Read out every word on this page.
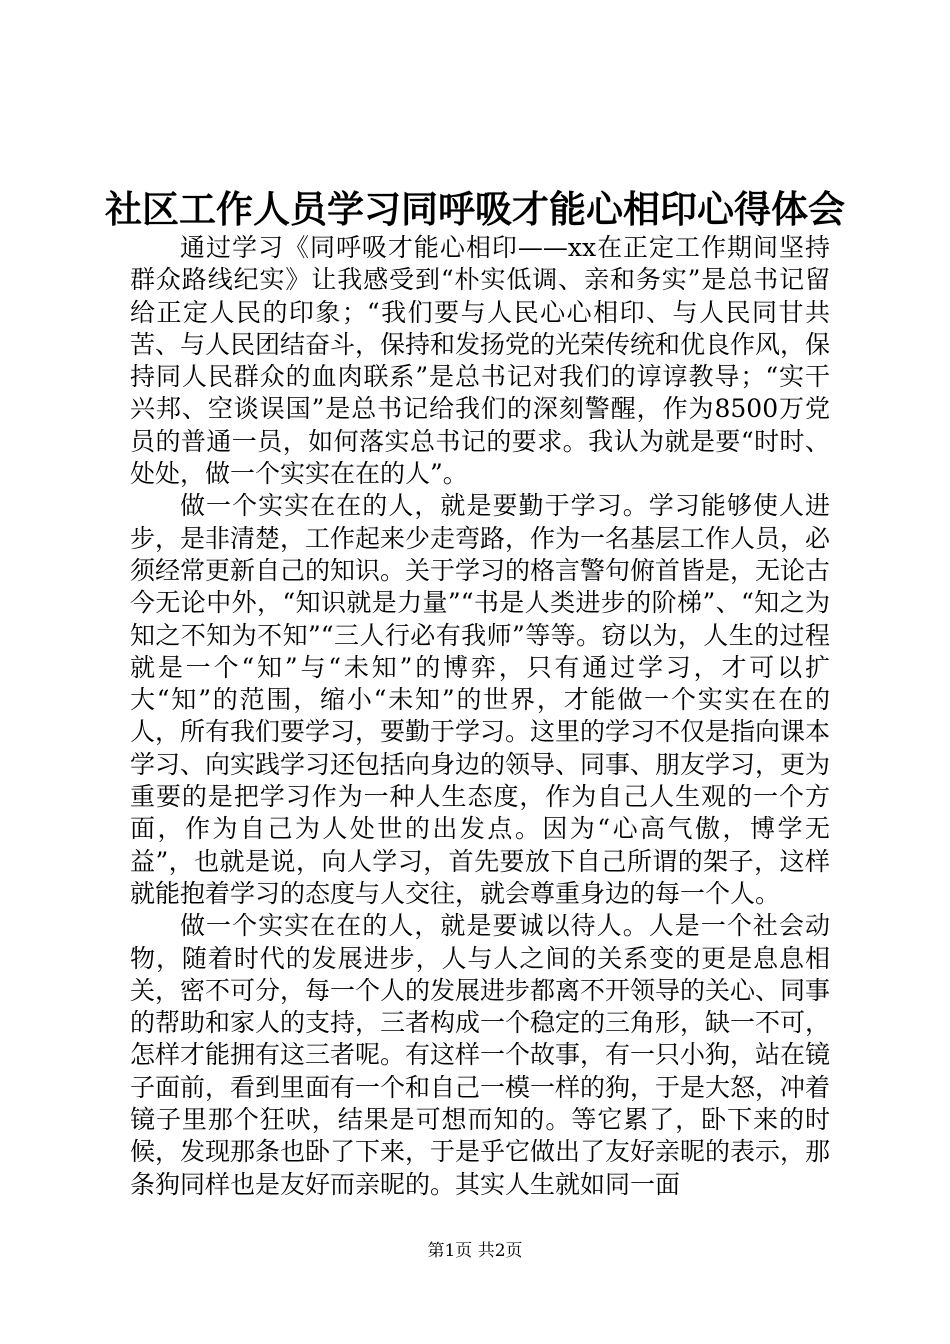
社区工作人员学习同呼吸才能心相印心得体会

通过学习《同呼吸才能心相印——xx在正定工作期间坚持群众路线纪实》让我感受到“朴实低调、亲和务实”是总书记留给正定人民的印象；“我们要与人民心心相印、与人民同甘共苦、与人民团结奋斗，保持和发扬党的光荣传统和优良作风，保持同人民群众的血肉联系”是总书记对我们的谆谆教导；“实干兴邦、空谈误国”是总书记给我们的深刻警醒，作为8500万党员的普通一员，如何落实总书记的要求。我认为就是要“时时、处处，做一个实实在在的人”。

做一个实实在在的人，就是要勤于学习。学习能够使人进步，是非清楚，工作起来少走弯路，作为一名基层工作人员，必须经常更新自己的知识。关于学习的格言警句俯首皆是，无论古今无论中外，“知识就是力量”“书是人类进步的阶梯”、“知之为知之不知为不知”“三人行必有我师”等等。窃以为，人生的过程就是一个“知”与“未知”的博弈，只有通过学习，才可以扩大“知”的范围，缩小“未知”的世界，才能做一个实实在在的人，所有我们要学习，要勤于学习。这里的学习不仅是指向课本学习、向实践学习还包括向身边的领导、同事、朋友学习，更为重要的是把学习作为一种人生态度，作为自己人生观的一个方面，作为自己为人处世的出发点。因为“心高气傲，博学无益”，也就是说，向人学习，首先要放下自己所谓的架子，这样就能抱着学习的态度与人交往，就会尊重身边的每一个人。

做一个实实在在的人，就是要诚以待人。人是一个社会动物，随着时代的发展进步，人与人之间的关系变的更是息息相关，密不可分，每一个人的发展进步都离不开领导的关心、同事的帮助和家人的支持，三者构成一个稳定的三角形，缺一不可，怎样才能拥有这三者呢。有这样一个故事，有一只小狗，站在镜子面前，看到里面有一个和自己一模一样的狗，于是大怒，冲着镜子里那个狂吠，结果是可想而知的。等它累了，卧下来的时候，发现那条也卧了下来，于是乎它做出了友好亲昵的表示，那条狗同样也是友好而亲昵的。其实人生就如同一面

第1页 共2页
